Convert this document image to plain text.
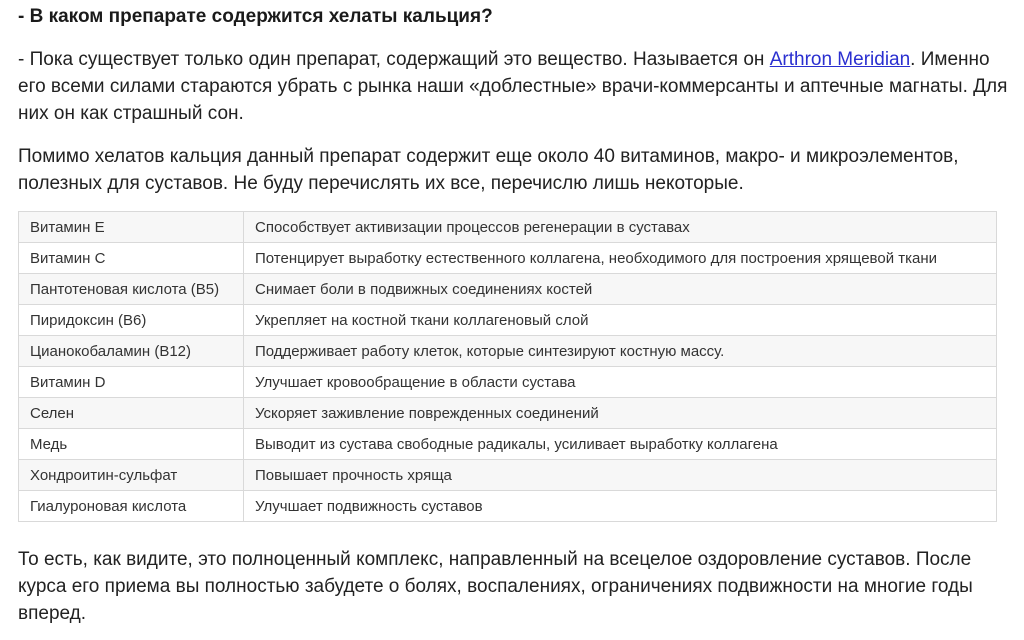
- В каком препарате содержится хелаты кальция?

- Пока существует только один препарат, содержащий это вещество. Называется он Arthron Meridian. Именно его всеми силами стараются убрать с рынка наши «доблестные» врачи-коммерсанты и аптечные магнаты. Для них он как страшный сон.

Помимо хелатов кальция данный препарат содержит еще около 40 витаминов, макро- и микроэлементов, полезных для суставов. Не буду перечислять их все, перечислю лишь некоторые.

Витамин E	Способствует активизации процессов регенерации в суставах
Витамин C	Потенцирует выработку естественного коллагена, необходимого для построения хрящевой ткани
Пантотеновая кислота (B5)	Снимает боли в подвижных соединениях костей
Пиридоксин (B6)	Укрепляет на костной ткани коллагеновый слой
Цианокобаламин (B12)	Поддерживает работу клеток, которые синтезируют костную массу.
Витамин D	Улучшает кровообращение в области сустава
Селен	Ускоряет заживление поврежденных соединений
Медь	Выводит из сустава свободные радикалы, усиливает выработку коллагена
Хондроитин-сульфат	Повышает прочность хряща
Гиалуроновая кислота	Улучшает подвижность суставов

То есть, как видите, это полноценный комплекс, направленный на всецелое оздоровление суставов. После курса его приема вы полностью забудете о болях, воспалениях, ограничениях подвижности на многие годы вперед.
